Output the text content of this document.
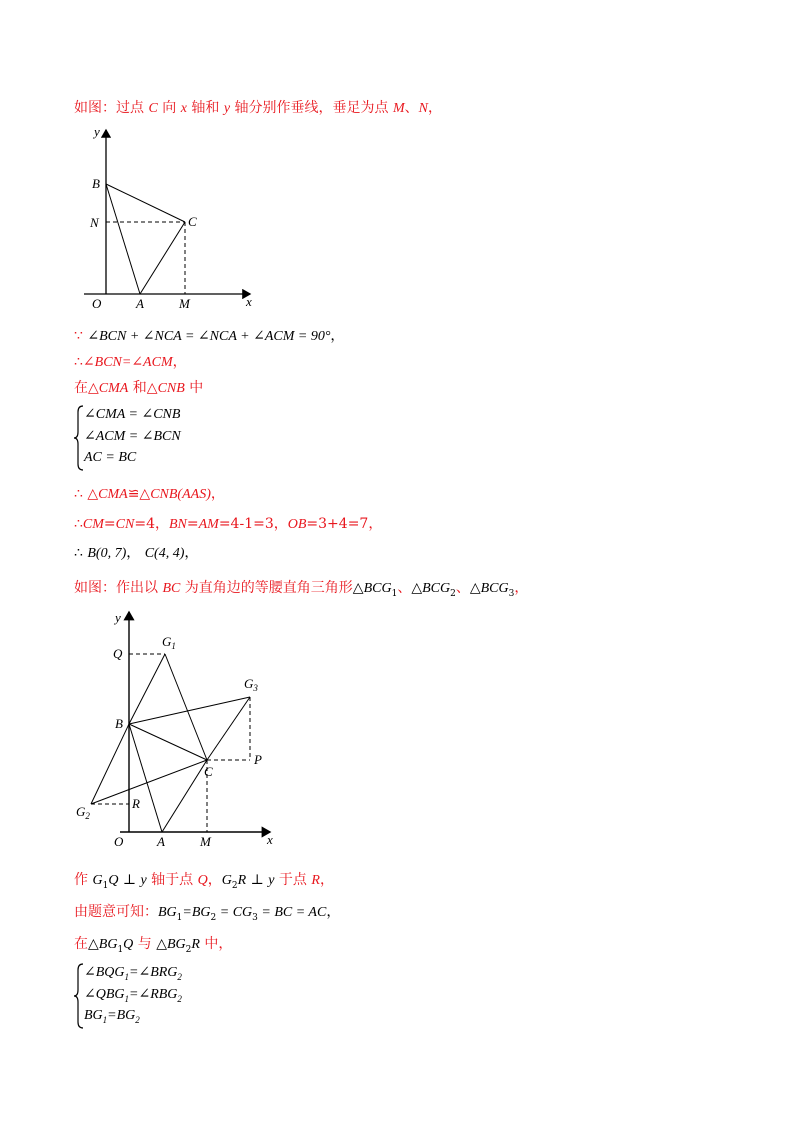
如图：过点 C 向 x 轴和 y 轴分别作垂线，垂足为点 M、N，
y
B
N	C
O	A	M	x
∵ ∠BCN + ∠NCA = ∠NCA + ∠ACM = 90°，
∴∠BCN=∠ACM，
在△CMA 和△CNB 中
∠CMA = ∠CNB
∠ACM = ∠BCN
AC = BC
∴ △CMA≌△CNB(AAS)，
∴CM=CN=4，BN=AM=4-1=3，OB=3+4=7，
∴ B(0, 7)， C(4, 4)，
如图：作出以 BC 为直角边的等腰直角三角形$\triangle BCG_1$、$\triangle BCG_2$、$\triangle BCG_3$，
y
Q
$G_1$
$G_3$
B
C
P
R
$G_2$
O	A	M	x
作 $G_1Q$ ⊥ y 轴于点 Q，$G_2R$ ⊥ y 于点 R，
由题意可知：$BG_1=BG_2 = CG_3$ = BC = AC，
在$\triangle BG_1Q$ 与 $\triangle BG_2R$ 中，
$\angle BQG_1=\angle BRG_2$
$\angle QBG_1=\angle RBG_2$
$BG_1=BG_2$
